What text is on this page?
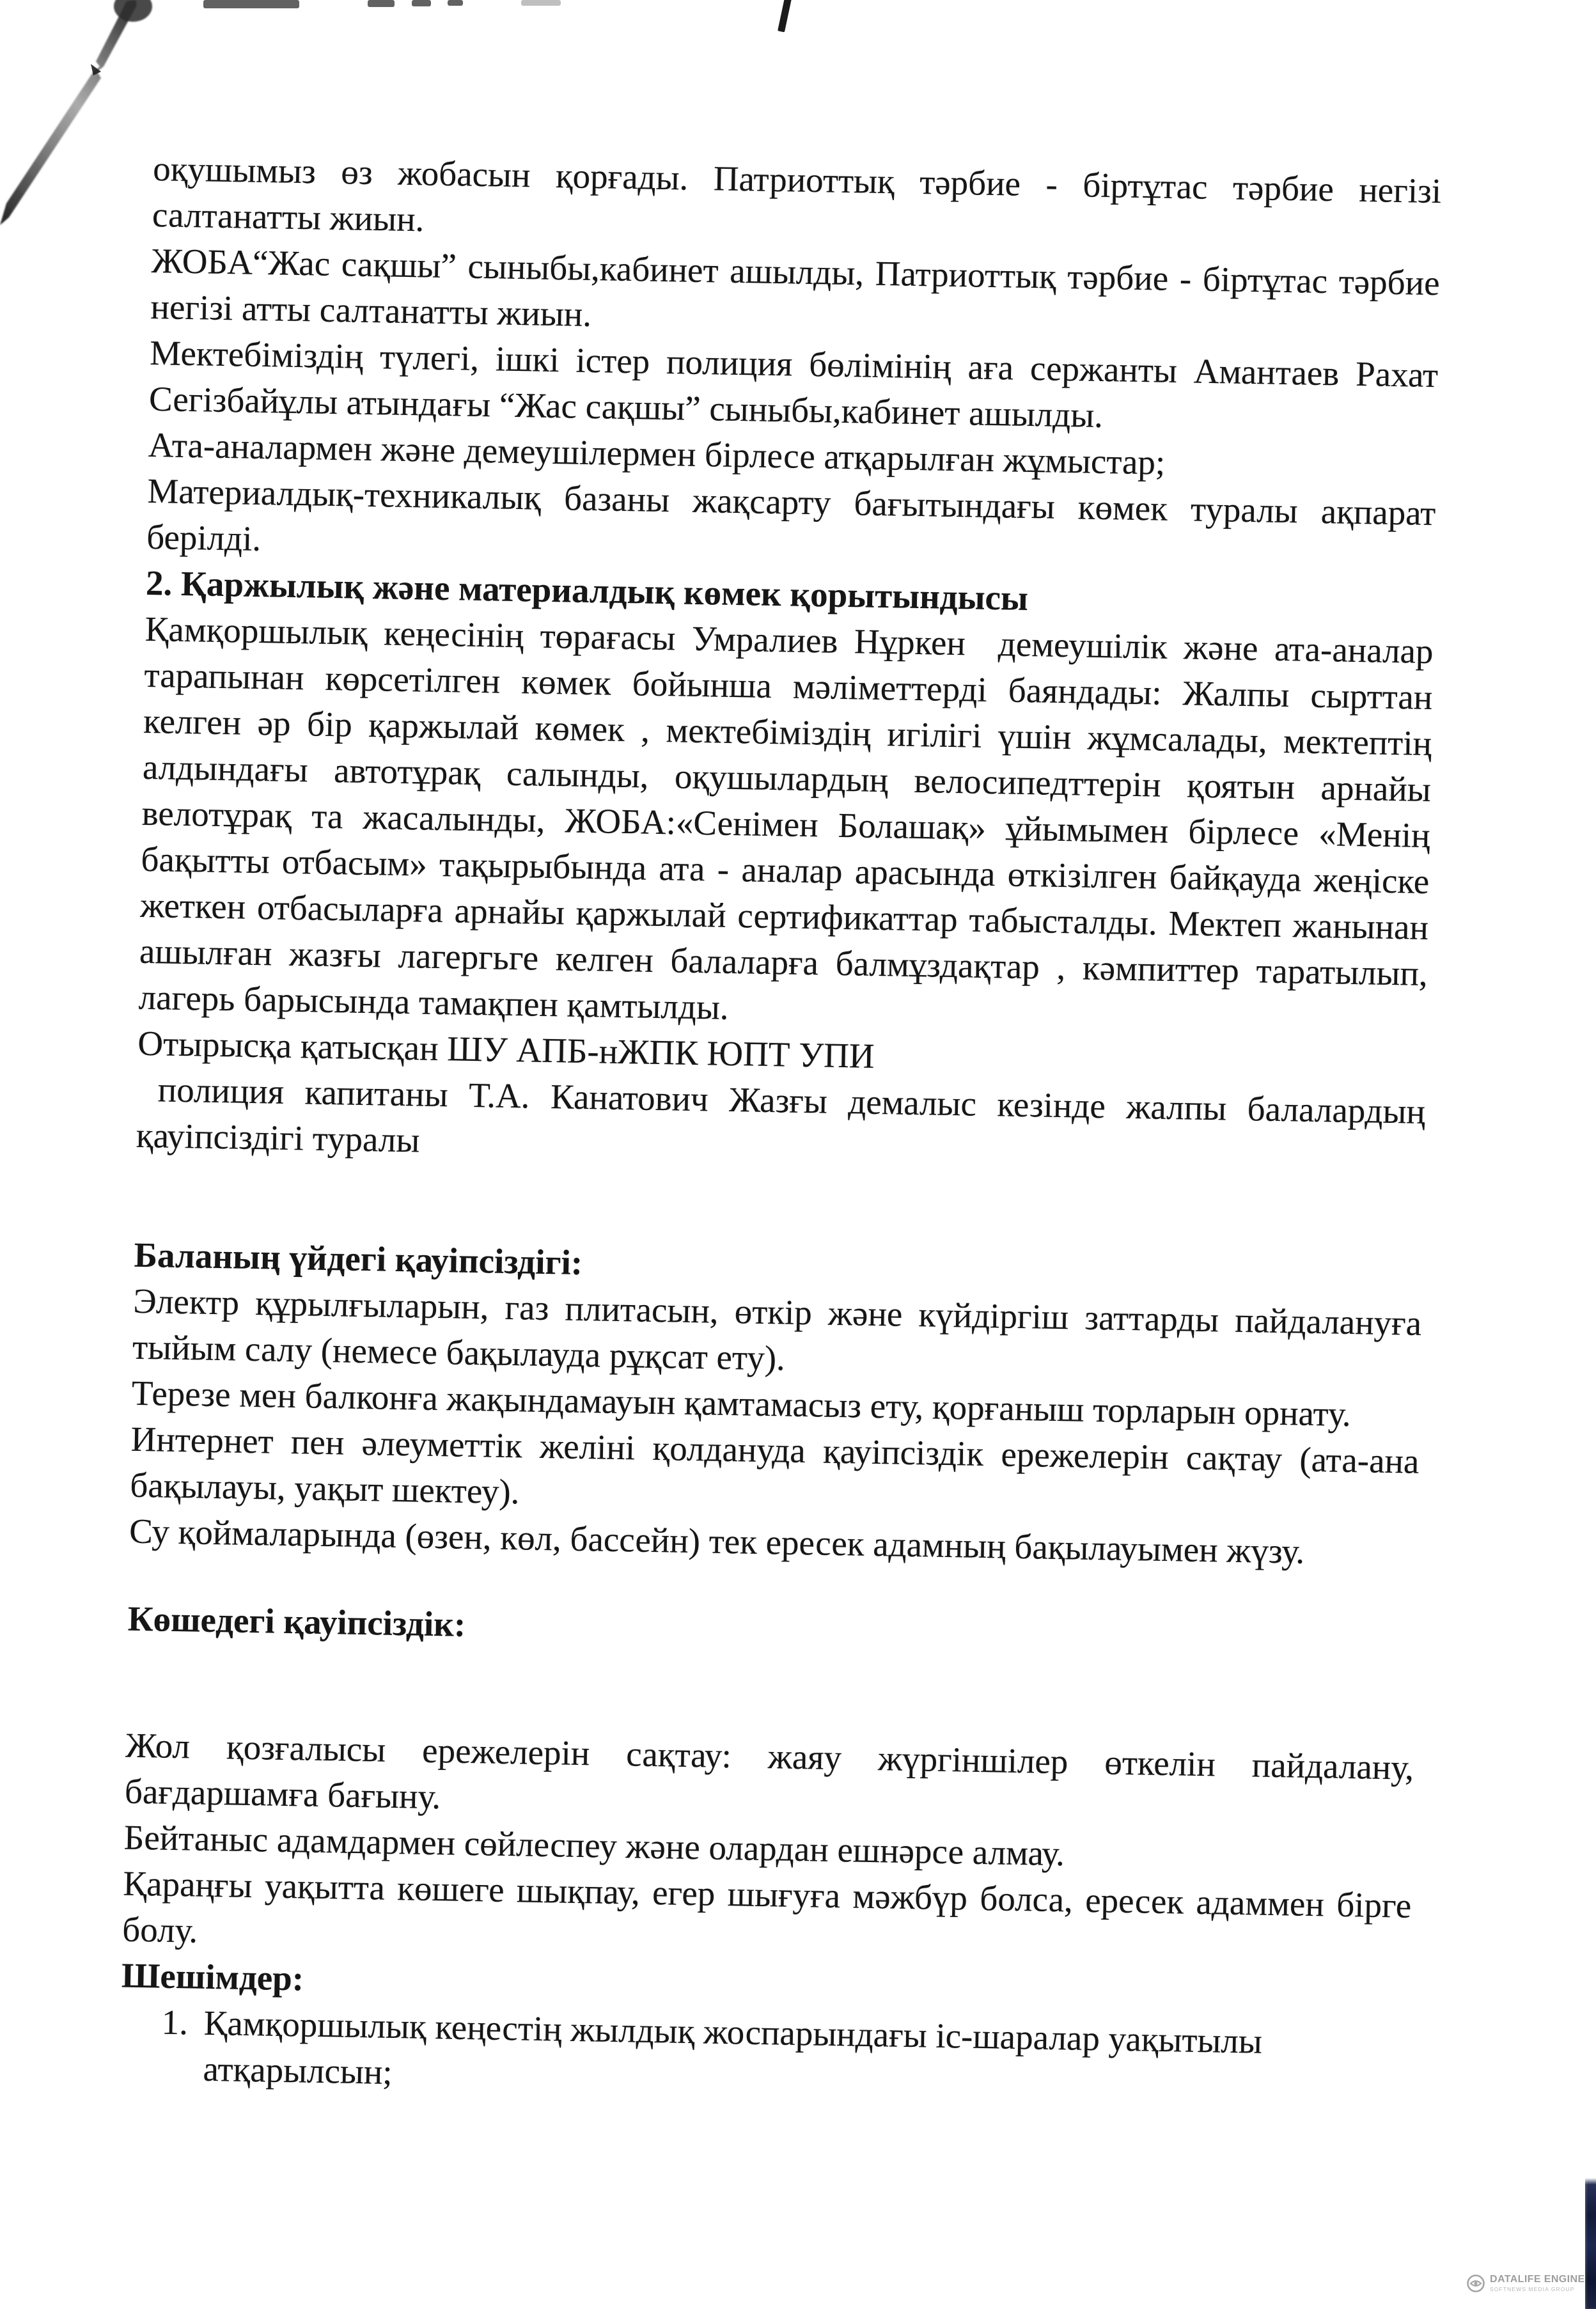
оқушымыз өз жобасын қорғады. Патриоттық тәрбие - біртұтас тәрбие негізі салтанатты жиын.
ЖОБА“Жас сақшы” сыныбы,кабинет ашылды, Патриоттық тәрбие - біртұтас тәрбие негізі атты салтанатты жиын.
Мектебіміздің түлегі, ішкі істер полиция бөлімінің аға сержанты Амантаев Рахат Сегізбайұлы атындағы “Жас сақшы” сыныбы,кабинет ашылды.
Ата-аналармен және демеушілермен бірлесе атқарылған жұмыстар;
Материалдық-техникалық базаны жақсарту бағытындағы көмек туралы ақпарат берілді.
2. Қаржылық және материалдық көмек қорытындысы
Қамқоршылық кеңесінің төрағасы Умралиев Нұркен  демеушілік және ата-аналар тарапынан көрсетілген көмек бойынша мәліметтерді баяндады: Жалпы сырттан келген әр бір қаржылай көмек , мектебіміздің игілігі үшін жұмсалады, мектептің алдындағы автотұрақ салынды, оқушылардың велосипедттерін қоятын арнайы велотұрақ та жасалынды, ЖОБА:«Сенімен Болашақ» ұйымымен бірлесе «Менің бақытты отбасым» тақырыбында ата - аналар арасында өткізілген байқауда жеңіске жеткен отбасыларға арнайы қаржылай сертификаттар табысталды. Мектеп жанынан ашылған жазғы лагергьге келген балаларға балмұздақтар , кәмпиттер таратылып, лагерь барысында тамақпен қамтылды.
Отырысқа қатысқан ШУ АПБ-нЖПК ЮПТ УПИ
полиция капитаны Т.А. Канатович Жазғы демалыс кезінде жалпы балалардың қауіпсіздігі туралы
Баланың үйдегі қауіпсіздігі:
Электр құрылғыларын, газ плитасын, өткір және күйдіргіш заттарды пайдалануға тыйым салу (немесе бақылауда рұқсат ету).
Терезе мен балконға жақындамауын қамтамасыз ету, қорғаныш торларын орнату.
Интернет пен әлеуметтік желіні қолдануда қауіпсіздік ережелерін сақтау (ата-ана бақылауы, уақыт шектеу).
Су қоймаларында (өзен, көл, бассейн) тек ересек адамның бақылауымен жүзу.
Көшедегі қауіпсіздік:
Жол қозғалысы ережелерін сақтау: жаяу жүргіншілер өткелін пайдалану, бағдаршамға бағыну.
Бейтаныс адамдармен сөйлеспеу және олардан ешнәрсе алмау.
Қараңғы уақытта көшеге шықпау, егер шығуға мәжбүр болса, ересек адаммен бірге болу.
Шешімдер:
1. Қамқоршылық кеңестің жылдық жоспарындағы іс-шаралар уақытылы атқарылсын;
DATALIFE ENGINE
SOFTNEWS MEDIA GROUP
